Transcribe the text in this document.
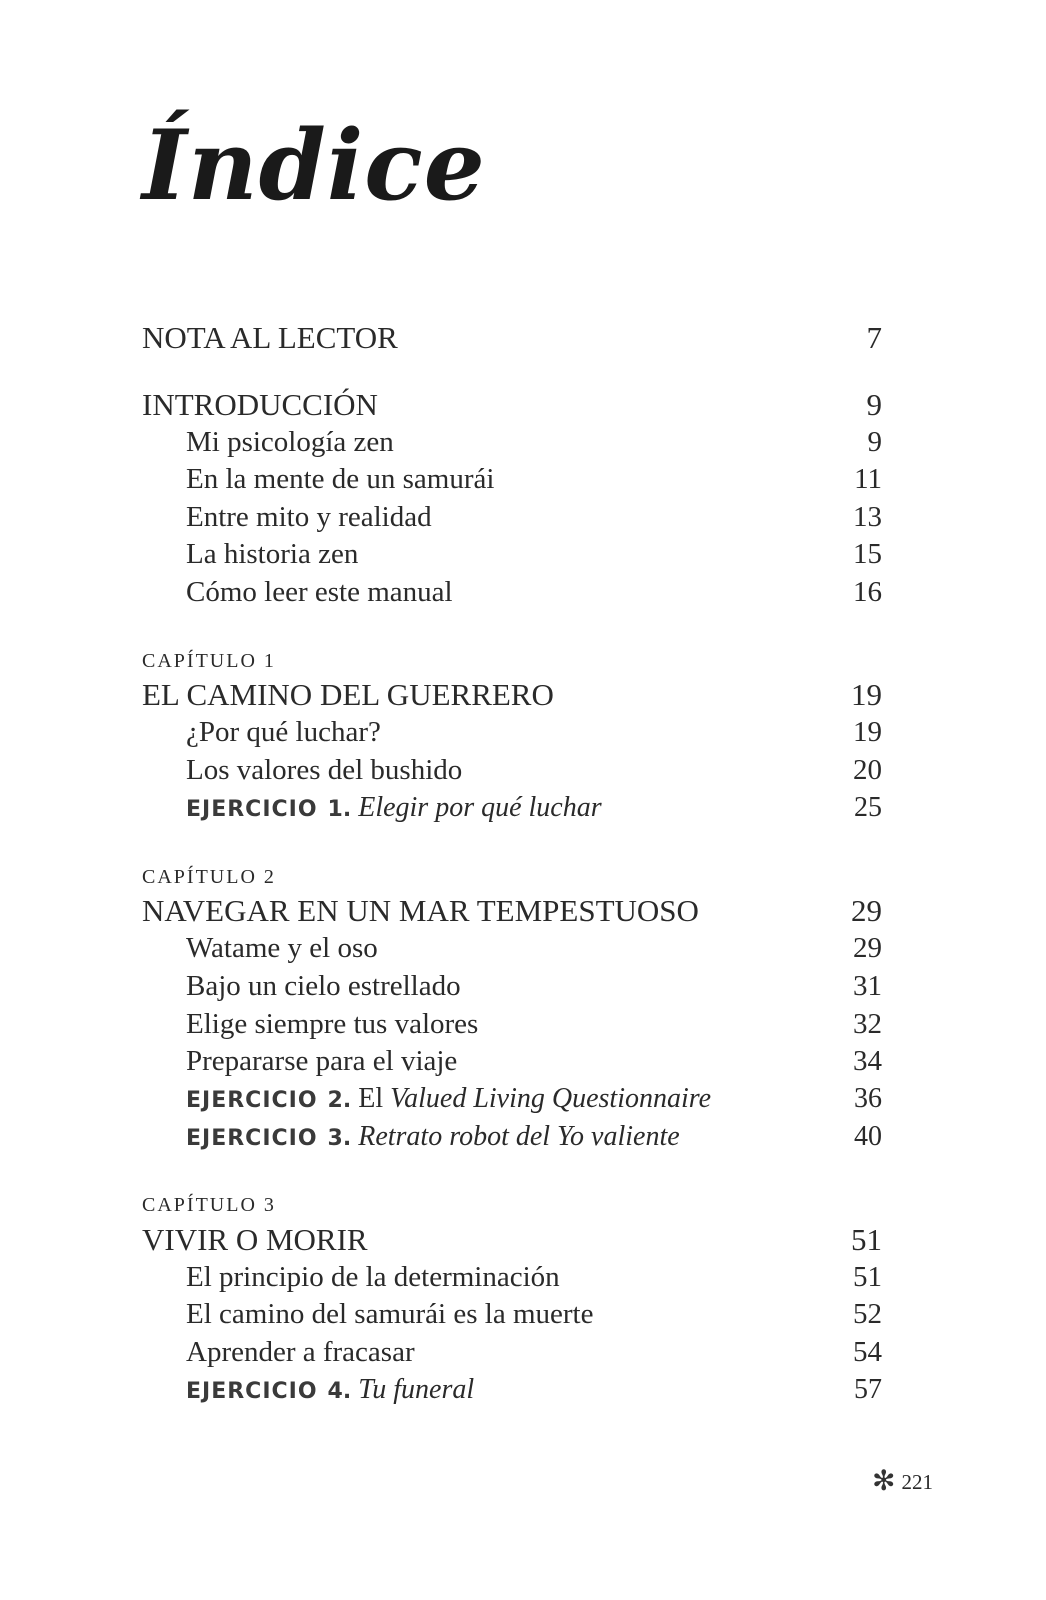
Índice
NOTA AL LECTOR	7
INTRODUCCIÓN	9
Mi psicología zen	9
En la mente de un samurái	11
Entre mito y realidad	13
La historia zen	15
Cómo leer este manual	16
CAPÍTULO 1
EL CAMINO DEL GUERRERO	19
¿Por qué luchar?	19
Los valores del bushido	20
EJERCICIO 1. Elegir por qué luchar	25
CAPÍTULO 2
NAVEGAR EN UN MAR TEMPESTUOSO	29
Watame y el oso	29
Bajo un cielo estrellado	31
Elige siempre tus valores	32
Prepararse para el viaje	34
EJERCICIO 2. El Valued Living Questionnaire	36
EJERCICIO 3. Retrato robot del Yo valiente	40
CAPÍTULO 3
VIVIR O MORIR	51
El principio de la determinación	51
El camino del samurái es la muerte	52
Aprender a fracasar	54
EJERCICIO 4. Tu funeral	57
✻ 221
